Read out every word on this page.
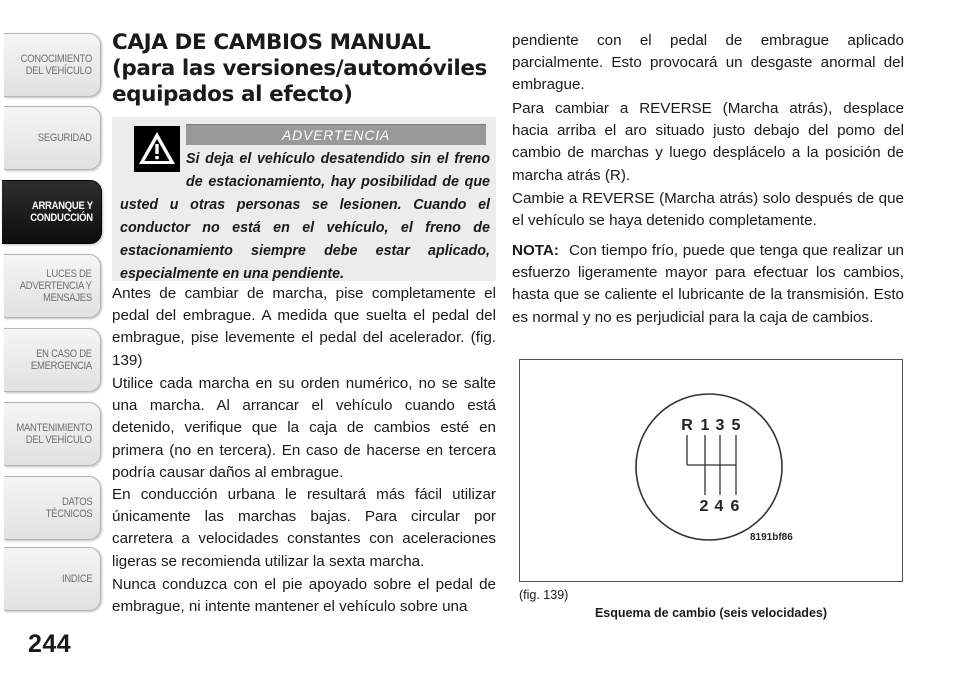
CONOCIMIENTO
DEL VEHÍCULO
SEGURIDAD
ARRANQUE Y
CONDUCCIÓN
LUCES DE
ADVERTENCIA Y
MENSAJES
EN CASO DE
EMERGENCIA
MANTENIMIENTO
DEL VEHÍCULO
DATOS
TÉCNICOS
INDICE
244
CAJA DE CAMBIOS MANUAL (para las versiones/automóviles equipados al efecto)
ADVERTENCIA

Si deja el vehículo desatendido sin el freno de estacionamiento, hay posibilidad de que usted u otras personas se lesionen. Cuando el conductor no está en el vehículo, el freno de estacionamiento siempre debe estar aplicado, especialmente en una pendiente.

Antes de cambiar de marcha, pise completamente el pedal del embrague. A medida que suelta el pedal del embrague, pise levemente el pedal del acelerador. (fig. 139)

Utilice cada marcha en su orden numérico, no se salte una marcha. Al arrancar el vehículo cuando está detenido, verifique que la caja de cambios esté en primera (no en tercera). En caso de hacerse en tercera podría causar daños al embrague.

En conducción urbana le resultará más fácil utilizar únicamente las marchas bajas. Para circular por carretera a velocidades constantes con aceleraciones ligeras se recomienda utilizar la sexta marcha.

Nunca conduzca con el pie apoyado sobre el pedal de embrague, ni intente mantener el vehículo sobre una

pendiente con el pedal de embrague aplicado parcialmente. Esto provocará un desgaste anormal del embrague.

Para cambiar a REVERSE (Marcha atrás), desplace hacia arriba el aro situado justo debajo del pomo del cambio de marchas y luego desplácelo a la posición de marcha atrás (R).

Cambie a REVERSE (Marcha atrás) solo después de que el vehículo se haya detenido completamente.

NOTA: Con tiempo frío, puede que tenga que realizar un esfuerzo ligeramente mayor para efectuar los cambios, hasta que se caliente el lubricante de la transmisión. Esto es normal y no es perjudicial para la caja de cambios.

R 1 3 5
2 4 6
8191bf86
(fig. 139)
Esquema de cambio (seis velocidades)
